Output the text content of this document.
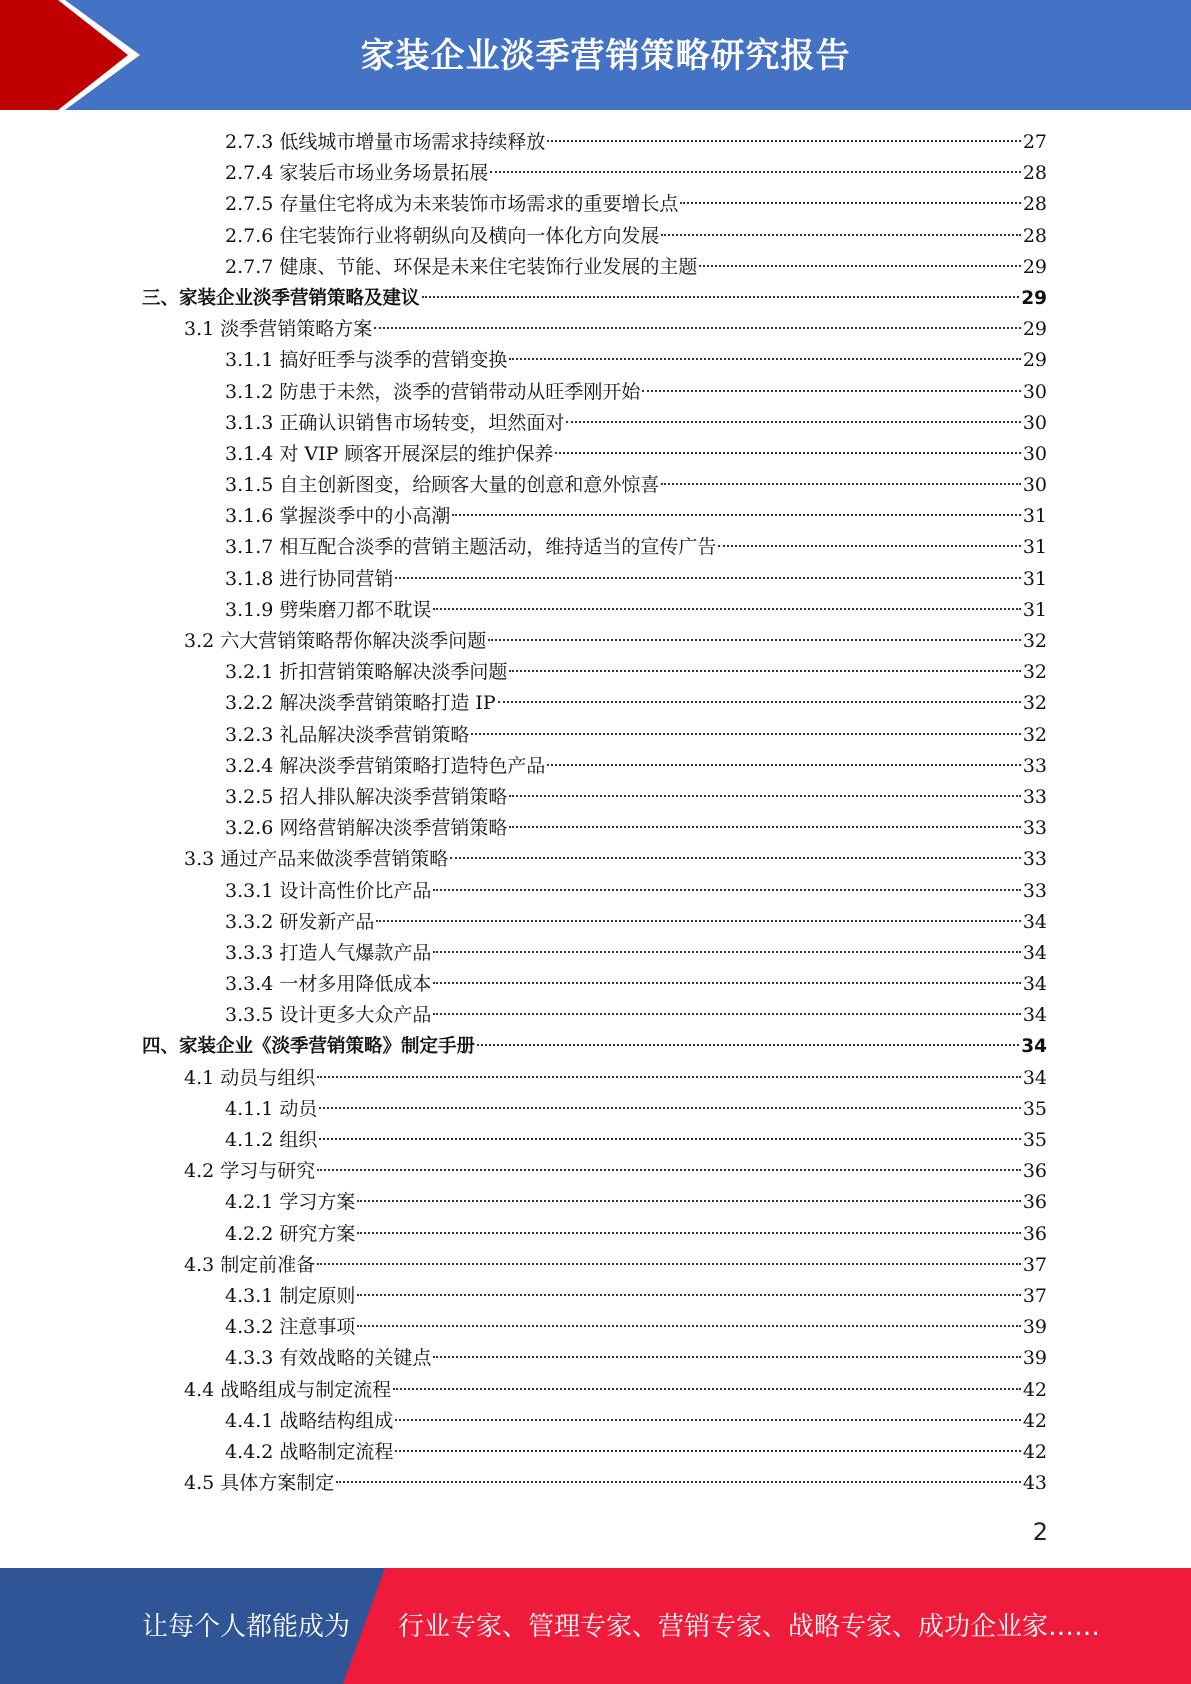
家装企业淡季营销策略研究报告
2.7.3 低线城市增量市场需求持续释放	27
2.7.4 家装后市场业务场景拓展	28
2.7.5 存量住宅将成为未来装饰市场需求的重要增长点	28
2.7.6 住宅装饰行业将朝纵向及横向一体化方向发展	28
2.7.7 健康、节能、环保是未来住宅装饰行业发展的主题	29
三、家装企业淡季营销策略及建议	29
3.1 淡季营销策略方案	29
3.1.1 搞好旺季与淡季的营销变换	29
3.1.2 防患于未然，淡季的营销带动从旺季刚开始	30
3.1.3 正确认识销售市场转变，坦然面对	30
3.1.4 对 VIP 顾客开展深层的维护保养	30
3.1.5 自主创新图变，给顾客大量的创意和意外惊喜	30
3.1.6 掌握淡季中的小高潮	31
3.1.7 相互配合淡季的营销主题活动，维持适当的宣传广告	31
3.1.8 进行协同营销	31
3.1.9 劈柴磨刀都不耽误	31
3.2 六大营销策略帮你解决淡季问题	32
3.2.1 折扣营销策略解决淡季问题	32
3.2.2 解决淡季营销策略打造 IP	32
3.2.3 礼品解决淡季营销策略	32
3.2.4 解决淡季营销策略打造特色产品	33
3.2.5 招人排队解决淡季营销策略	33
3.2.6 网络营销解决淡季营销策略	33
3.3 通过产品来做淡季营销策略	33
3.3.1 设计高性价比产品	33
3.3.2 研发新产品	34
3.3.3 打造人气爆款产品	34
3.3.4 一材多用降低成本	34
3.3.5 设计更多大众产品	34
四、家装企业《淡季营销策略》制定手册	34
4.1 动员与组织	34
4.1.1 动员	35
4.1.2 组织	35
4.2 学习与研究	36
4.2.1 学习方案	36
4.2.2 研究方案	36
4.3 制定前准备	37
4.3.1 制定原则	37
4.3.2 注意事项	39
4.3.3 有效战略的关键点	39
4.4 战略组成与制定流程	42
4.4.1 战略结构组成	42
4.4.2 战略制定流程	42
4.5 具体方案制定	43
2
让每个人都能成为 行业专家、管理专家、营销专家、战略专家、成功企业家……
